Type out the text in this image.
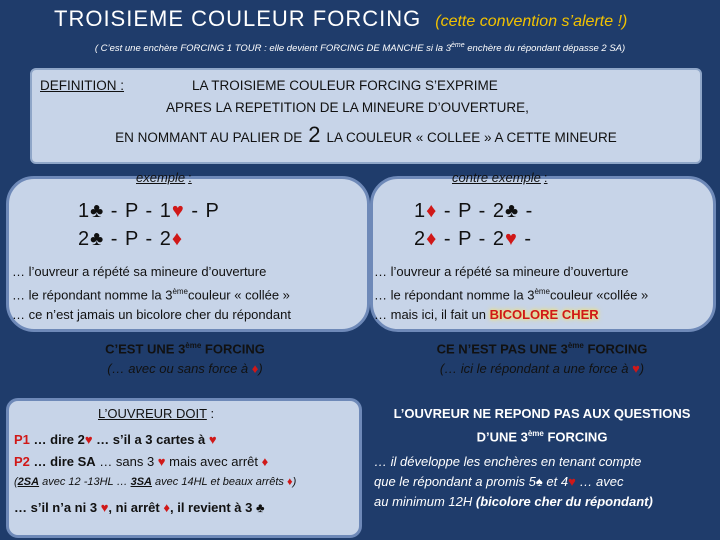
TROISIEME COULEUR FORCING (cette convention s’alerte !)
( C’est une enchère FORCING 1 TOUR : elle devient FORCING DE MANCHE si la 3ème enchère du répondant dépasse 2 SA)
DEFINITION :	LA TROISIEME COULEUR FORCING S’EXPRIME
APRES LA REPETITION DE LA MINEURE D’OUVERTURE,
EN NOMMANT AU PALIER DE 2 LA COULEUR « COLLEE » A CETTE MINEURE
exemple :
1♣ - P - 1♥ - P
2♣ - P - 2♦
… l’ouvreur a répété sa mineure d’ouverture
… le répondant nomme la 3èmecouleur « collée »
… ce n’est jamais un bicolore cher du répondant
C’EST UNE 3ème FORCING
(… avec ou sans force à ♦)
contre exemple :
1♦ - P - 2♣ -
2♦ - P - 2♥ -
… l’ouvreur a répété sa mineure d’ouverture
… le répondant nomme la 3èmecouleur «collée »
… mais ici, il fait un BICOLORE CHER
CE N’EST PAS UNE 3ème FORCING
(… ici le répondant a une force à ♥)
L’OUVREUR DOIT :
P1 … dire 2♥ … s’il a 3 cartes à ♥
P2 … dire SA … sans 3 ♥ mais avec arrêt ♦
(2SA avec 12 -13HL … 3SA avec 14HL et beaux arrêts ♦)
… s’il n’a ni 3 ♥, ni arrêt ♦, il revient à 3 ♣
L’OUVREUR NE REPOND PAS AUX QUESTIONS
D’UNE 3ème FORCING
… il développe les enchères en tenant compte
que le répondant a promis 5♠ et 4♥ … avec
au minimum 12H (bicolore cher du répondant)
